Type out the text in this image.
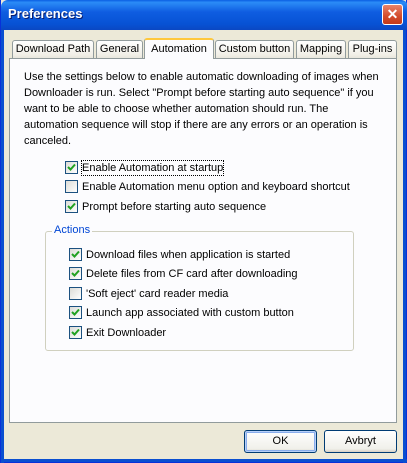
Preferences	✕
Download Path General	Automation	Custom button Mapping Plug-ins
Use the settings below to enable automatic downloading of images when Downloader is run. Select "Prompt before starting auto sequence" if you want to be able to choose whether automation should run. The automation sequence will stop if there are any errors or an operation is canceled.
Enable Automation at startup
Enable Automation menu option and keyboard shortcut
Prompt before starting auto sequence
Actions
Download files when application is started
Delete files from CF card after downloading
'Soft eject' card reader media
Launch app associated with custom button
Exit Downloader
OK	Avbryt
